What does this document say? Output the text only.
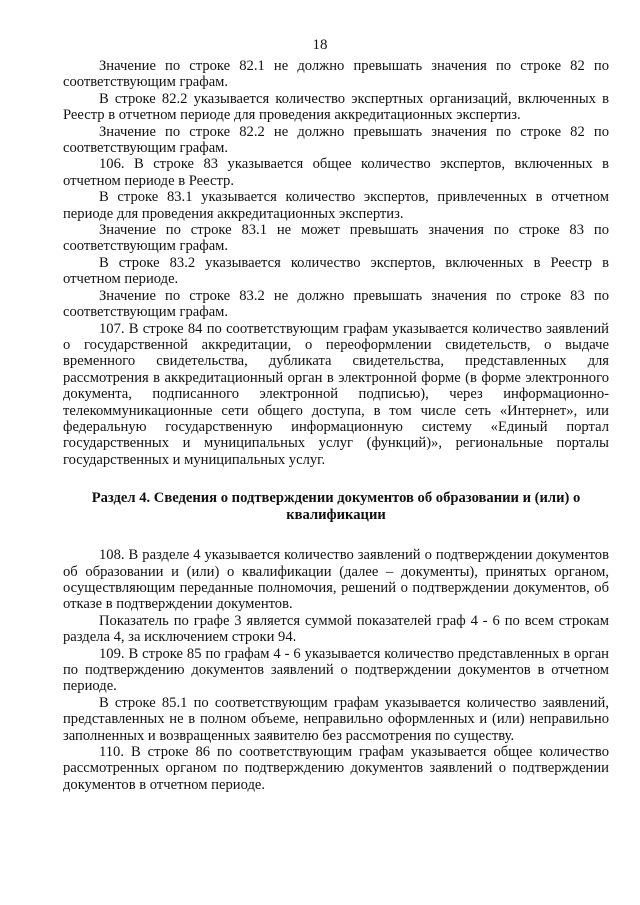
18

Значение по строке 82.1 не должно превышать значения по строке 82 по соответствующим графам.

В строке 82.2 указывается количество экспертных организаций, включенных в Реестр в отчетном периоде для проведения аккредитационных экспертиз.

Значение по строке 82.2 не должно превышать значения по строке 82 по соответствующим графам.

106. В строке 83 указывается общее количество экспертов, включенных в отчетном периоде в Реестр.

В строке 83.1 указывается количество экспертов, привлеченных в отчетном периоде для проведения аккредитационных экспертиз.

Значение по строке 83.1 не может превышать значения по строке 83 по соответствующим графам.

В строке 83.2 указывается количество экспертов, включенных в Реестр в отчетном периоде.

Значение по строке 83.2 не должно превышать значения по строке 83 по соответствующим графам.

107. В строке 84 по соответствующим графам указывается количество заявлений о государственной аккредитации, о переоформлении свидетельств, о выдаче временного свидетельства, дубликата свидетельства, представленных для рассмотрения в аккредитационный орган в электронной форме (в форме электронного документа, подписанного электронной подписью), через информационно-телекоммуникационные сети общего доступа, в том числе сеть «Интернет», или федеральную государственную информационную систему «Единый портал государственных и муниципальных услуг (функций)», региональные порталы государственных и муниципальных услуг.

Раздел 4. Сведения о подтверждении документов об образовании и (или) о квалификации

108. В разделе 4 указывается количество заявлений о подтверждении документов об образовании и (или) о квалификации (далее – документы), принятых органом, осуществляющим переданные полномочия, решений о подтверждении документов, об отказе в подтверждении документов.

Показатель по графе 3 является суммой показателей граф 4 - 6 по всем строкам раздела 4, за исключением строки 94.

109. В строке 85 по графам 4 - 6 указывается количество представленных в орган по подтверждению документов заявлений о подтверждении документов в отчетном периоде.

В строке 85.1 по соответствующим графам указывается количество заявлений, представленных не в полном объеме, неправильно оформленных и (или) неправильно заполненных и возвращенных заявителю без рассмотрения по существу.

110. В строке 86 по соответствующим графам указывается общее количество рассмотренных органом по подтверждению документов заявлений о подтверждении документов в отчетном периоде.
